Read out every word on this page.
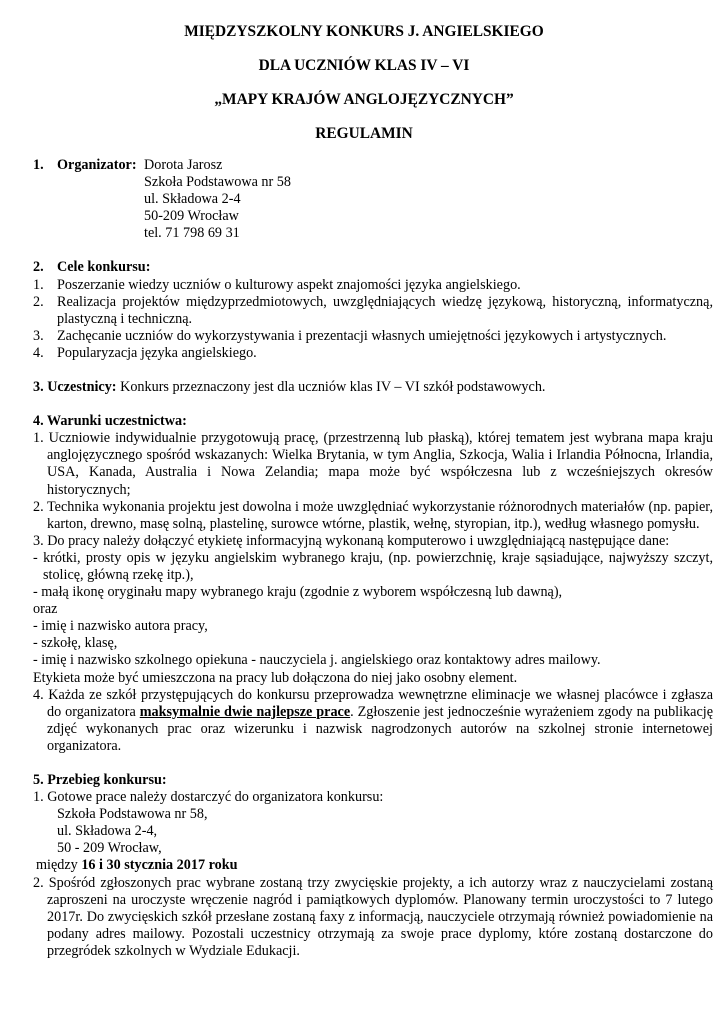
MIĘDZYSZKOLNY KONKURS J. ANGIELSKIEGO
DLA UCZNIÓW KLAS IV – VI
„MAPY KRAJÓW ANGLOJĘZYCZNYCH”
REGULAMIN
1. Organizator: Dorota Jarosz
Szkoła Podstawowa nr 58
ul. Składowa 2-4
50-209 Wrocław
tel. 71 798 69 31
2. Cele konkursu:
1. Poszerzanie wiedzy uczniów o kulturowy aspekt znajomości języka angielskiego.
2. Realizacja projektów międzyprzedmiotowych, uwzględniających wiedzę językową, historyczną, informatyczną, plastyczną i techniczną.
3. Zachęcanie uczniów do wykorzystywania i prezentacji własnych umiejętności językowych i artystycznych.
4. Popularyzacja języka angielskiego.
3. Uczestnicy: Konkurs przeznaczony jest dla uczniów klas IV – VI szkół podstawowych.
4. Warunki uczestnictwa:
1. Uczniowie indywidualnie przygotowują pracę, (przestrzenną lub płaską), której tematem jest wybrana mapa kraju anglojęzycznego spośród wskazanych: Wielka Brytania, w tym Anglia, Szkocja, Walia i Irlandia Północna, Irlandia, USA, Kanada, Australia i Nowa Zelandia; mapa może być współczesna lub z wcześniejszych okresów historycznych;
2. Technika wykonania projektu jest dowolna i może uwzględniać wykorzystanie różnorodnych materiałów (np. papier, karton, drewno, masę solną, plastelinę, surowce wtórne, plastik, wełnę, styropian, itp.), według własnego pomysłu.
3. Do pracy należy dołączyć etykietę informacyjną wykonaną komputerowo i uwzględniającą następujące dane:
- krótki, prosty opis w języku angielskim wybranego kraju, (np. powierzchnię, kraje sąsiadujące, najwyższy szczyt, stolicę, główną rzekę itp.),
- małą ikonę oryginału mapy wybranego kraju (zgodnie z wyborem współczesną lub dawną),
oraz
- imię i nazwisko autora pracy,
- szkołę, klasę,
- imię i nazwisko szkolnego opiekuna - nauczyciela j. angielskiego oraz kontaktowy adres mailowy.
Etykieta może być umieszczona na pracy lub dołączona do niej jako osobny element.
4. Każda ze szkół przystępujących do konkursu przeprowadza wewnętrzne eliminacje we własnej placówce i zgłasza do organizatora maksymalnie dwie najlepsze prace. Zgłoszenie jest jednocześnie wyrażeniem zgody na publikację zdjęć wykonanych prac oraz wizerunku i nazwisk nagrodzonych autorów na szkolnej stronie internetowej organizatora.
5. Przebieg konkursu:
1. Gotowe prace należy dostarczyć do organizatora konkursu:
Szkoła Podstawowa nr 58,
ul. Składowa 2-4,
50 - 209 Wrocław,
między 16 i 30 stycznia 2017 roku
2. Spośród zgłoszonych prac wybrane zostaną trzy zwycięskie projekty, a ich autorzy wraz z nauczycielami zostaną zaproszeni na uroczyste wręczenie nagród i pamiątkowych dyplomów. Planowany termin uroczystości to 7 lutego 2017r. Do zwycięskich szkół przesłane zostaną faxy z informacją, nauczyciele otrzymają również powiadomienie na podany adres mailowy. Pozostali uczestnicy otrzymają za swoje prace dyplomy, które zostaną dostarczone do przegródek szkolnych w Wydziale Edukacji.
